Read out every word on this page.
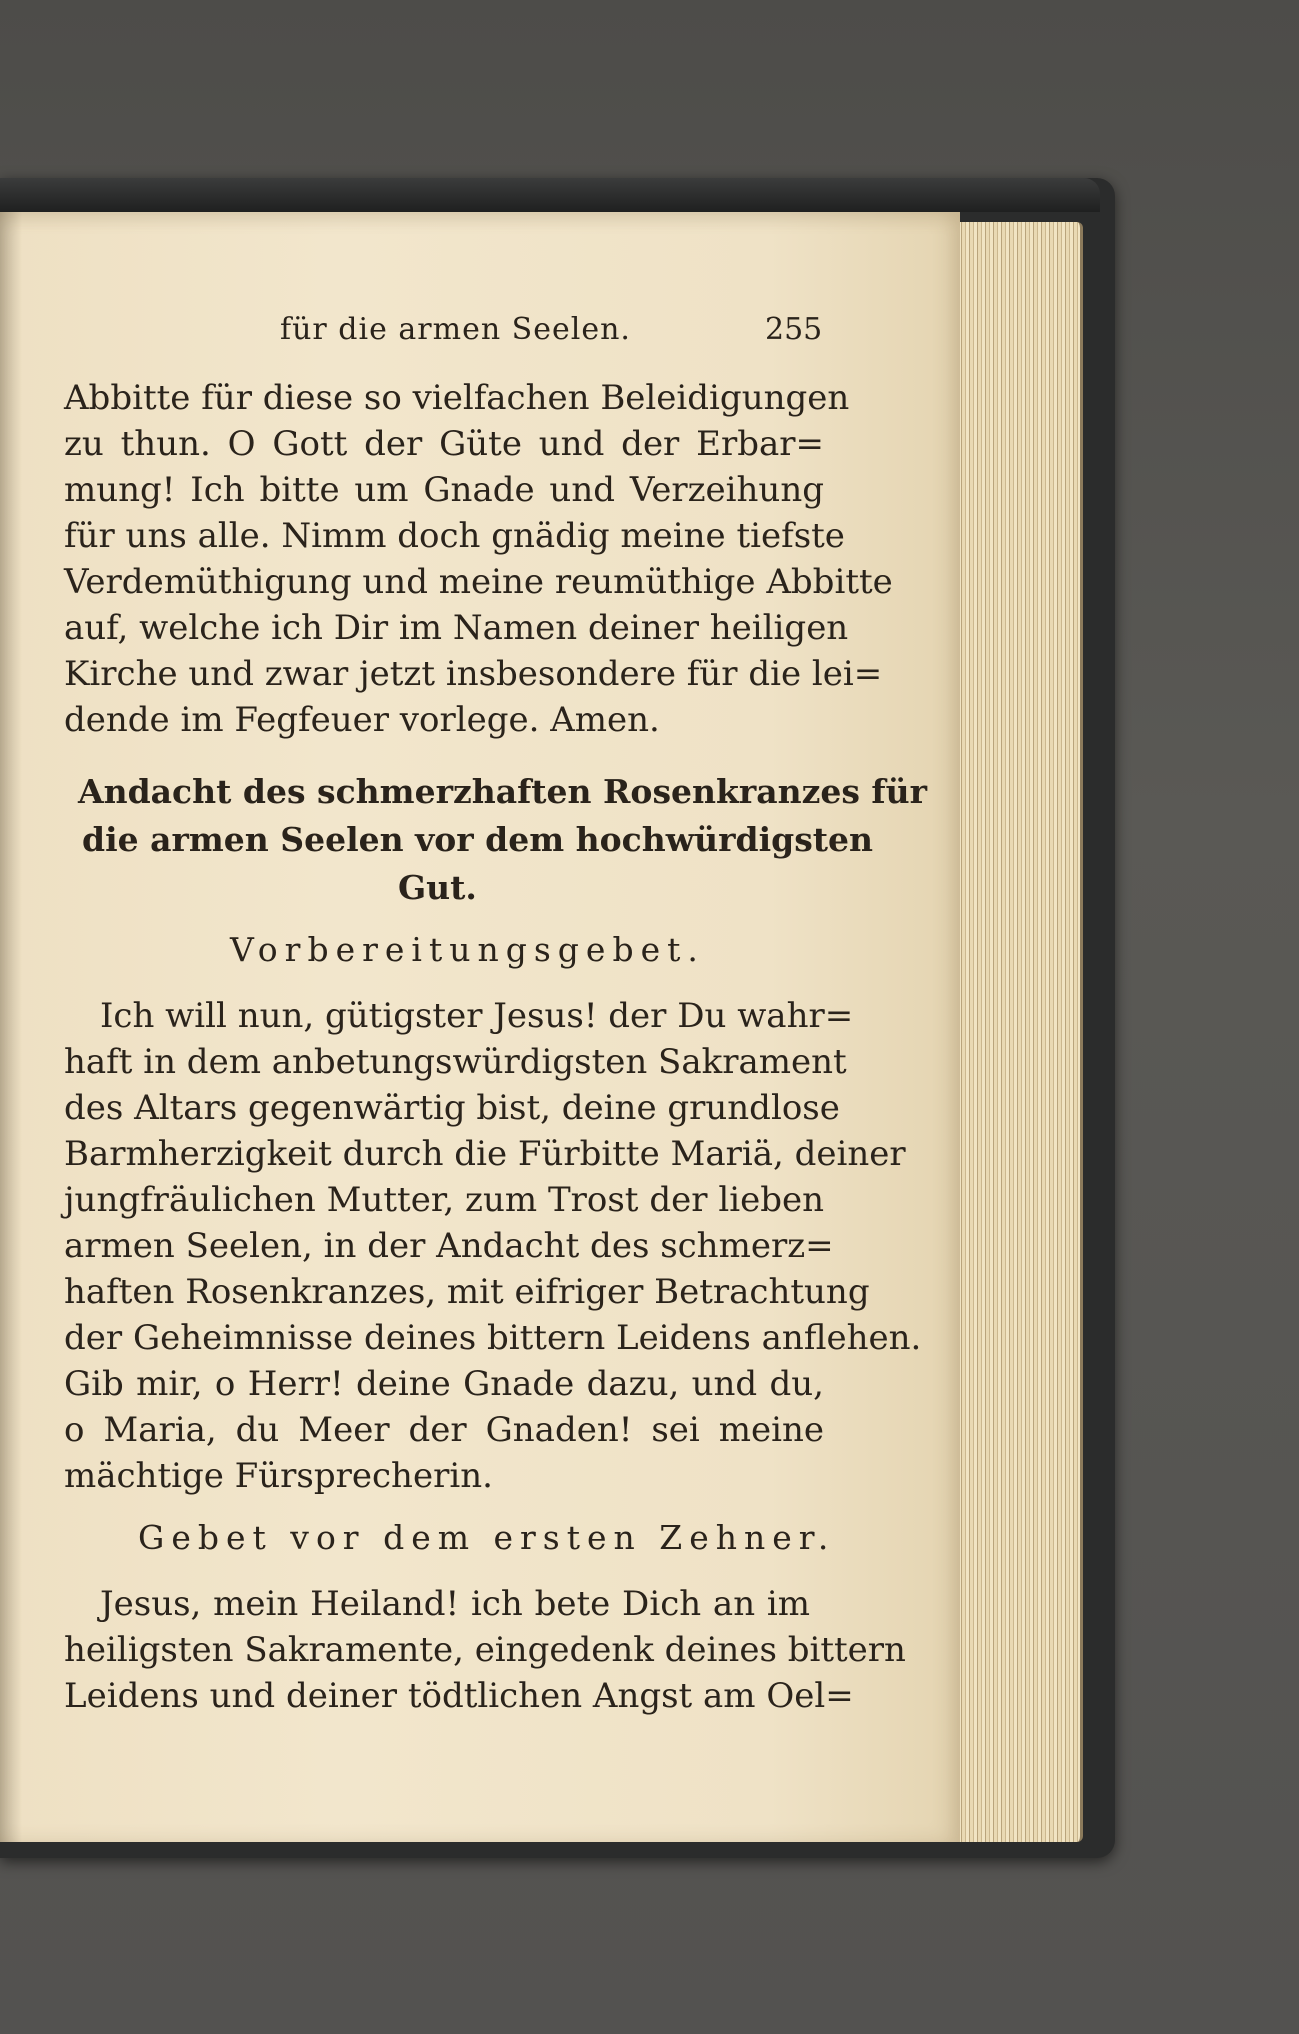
für die armen Seelen.	255

Abbitte für diese so vielfachen Beleidigungen

zu thun. O Gott der Güte und der Erbar=

mung! Ich bitte um Gnade und Verzeihung

für uns alle. Nimm doch gnädig meine tiefste

Verdemüthigung und meine reumüthige Abbitte

auf, welche ich Dir im Namen deiner heiligen

Kirche und zwar jetzt insbesondere für die lei=

dende im Fegfeuer vorlege. Amen.

Andacht des schmerzhaften Rosenkranzes für

die armen Seelen vor dem hochwürdigsten

Gut.

Vorbereitungsgebet.

Ich will nun, gütigster Jesus! der Du wahr=

haft in dem anbetungswürdigsten Sakrament

des Altars gegenwärtig bist, deine grundlose

Barmherzigkeit durch die Fürbitte Mariä, deiner

jungfräulichen Mutter, zum Trost der lieben

armen Seelen, in der Andacht des schmerz=

haften Rosenkranzes, mit eifriger Betrachtung

der Geheimnisse deines bittern Leidens anflehen.

Gib mir, o Herr! deine Gnade dazu, und du,

o Maria, du Meer der Gnaden! sei meine

mächtige Fürsprecherin.

Gebet vor dem ersten Zehner.

Jesus, mein Heiland! ich bete Dich an im

heiligsten Sakramente, eingedenk deines bittern

Leidens und deiner tödtlichen Angst am Oel=
